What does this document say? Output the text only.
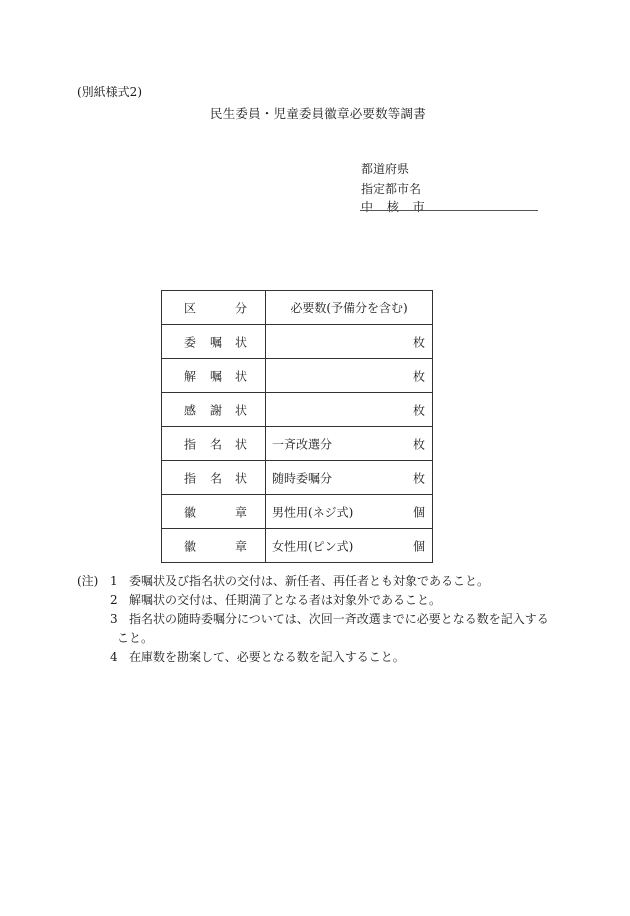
(別紙様式2)
民生委員・児童委員徽章必要数等調書
都道府県
指定都市名
中 核 市
区 分	必要数(予備分を含む)

委 嘱 状	枚

解 嘱 状	枚

感 謝 状	枚

指 名 状	一斉改選分 枚

指 名 状	随時委嘱分 枚

徽 章	男性用(ネジ式) 個

徽 章	女性用(ピン式) 個
(注) 1 委嘱状及び指名状の交付は、新任者、再任者とも対象であること。
2 解嘱状の交付は、任期満了となる者は対象外であること。
3 指名状の随時委嘱分については、次回一斉改選までに必要となる数を記入する
こと。
4 在庫数を勘案して、必要となる数を記入すること。
